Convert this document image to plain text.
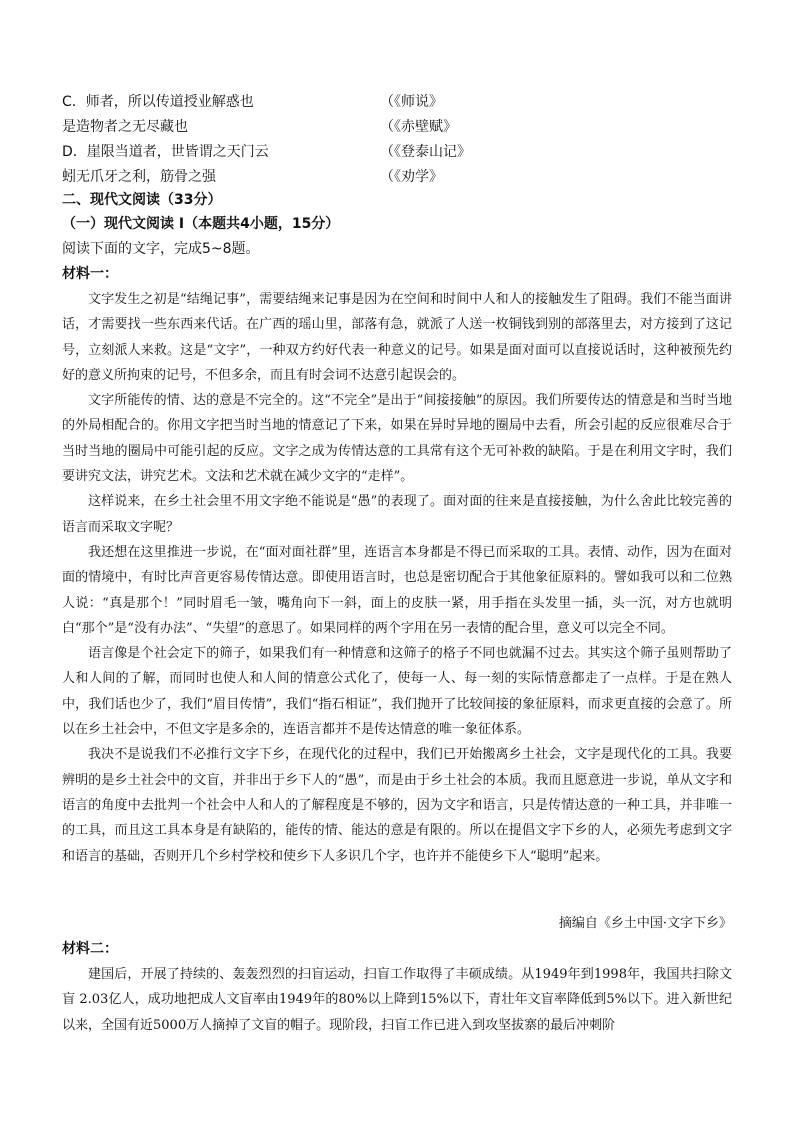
C．师者，所以传道授业解惑也	（《师说》
是造物者之无尽藏也	（《赤壁赋》
D．崖限当道者，世皆谓之天门云	（《登泰山记》
蚓无爪牙之利，筋骨之强	（《劝学》
二、现代文阅读（33分）
（一）现代文阅读 I（本题共4小题，15分）
阅读下面的文字，完成5~8题。
材料一：

文字发生之初是“结绳记事”，需要结绳来记事是因为在空间和时间中人和人的接触发生了阻碍。我们不能当面讲话，才需要找一些东西来代话。在广西的瑶山里，部落有急，就派了人送一枚铜钱到别的部落里去，对方接到了这记号，立刻派人来救。这是“文字”，一种双方约好代表一种意义的记号。如果是面对面可以直接说话时，这种被预先约好的意义所拘束的记号，不但多余，而且有时会词不达意引起误会的。

文字所能传的情、达的意是不完全的。这“不完全”是出于“间接接触”的原因。我们所要传达的情意是和当时当地的外局相配合的。你用文字把当时当地的情意记了下来，如果在异时异地的圈局中去看，所会引起的反应很难尽合于当时当地的圈局中可能引起的反应。文字之成为传情达意的工具常有这个无可补救的缺陷。于是在利用文字时，我们要讲究文法，讲究艺术。文法和艺术就在减少文字的“走样”。

这样说来，在乡土社会里不用文字绝不能说是“愚”的表现了。面对面的往来是直接接触，为什么舍此比较完善的语言而采取文字呢？

我还想在这里推进一步说，在“面对面社群”里，连语言本身都是不得已而采取的工具。表情、动作，因为在面对面的情境中，有时比声音更容易传情达意。即使用语言时，也总是密切配合于其他象征原料的。譬如我可以和二位熟人说：“真是那个！”同时眉毛一皱，嘴角向下一斜，面上的皮肤一紧，用手指在头发里一插，头一沉，对方也就明白“那个”是“没有办法”、“失望”的意思了。如果同样的两个字用在另一表情的配合里，意义可以完全不同。

语言像是个社会定下的筛子，如果我们有一种情意和这筛子的格子不同也就漏不过去。其实这个筛子虽则帮助了人和人间的了解，而同时也使人和人间的情意公式化了，使每一人、每一刻的实际情意都走了一点样。于是在熟人中，我们话也少了，我们“眉目传情”，我们“指石相证”，我们抛开了比较间接的象征原料，而求更直接的会意了。所以在乡土社会中，不但文字是多余的，连语言都并不是传达情意的唯一象征体系。

我决不是说我们不必推行文字下乡，在现代化的过程中，我们已开始搬离乡土社会，文字是现代化的工具。我要辨明的是乡土社会中的文盲，并非出于乡下人的“愚”，而是由于乡土社会的本质。我而且愿意进一步说，单从文字和语言的角度中去批判一个社会中人和人的了解程度是不够的，因为文字和语言，只是传情达意的一种工具，并非唯一的工具，而且这工具本身是有缺陷的，能传的情、能达的意是有限的。所以在提倡文字下乡的人，必须先考虑到文字和语言的基础，否则开几个乡村学校和使乡下人多识几个字，也许并不能使乡下人“聪明”起来。

摘编自《乡土中国·文字下乡》
材料二：

建国后，开展了持续的、轰轰烈烈的扫盲运动，扫盲工作取得了丰硕成绩。从1949年到1998年，我国共扫除文盲 2.03亿人，成功地把成人文盲率由1949年的80%以上降到15%以下，青壮年文盲率降低到5%以下。进入新世纪以来，全国有近5000万人摘掉了文盲的帽子。现阶段，扫盲工作已进入到攻坚拔寨的最后冲刺阶
